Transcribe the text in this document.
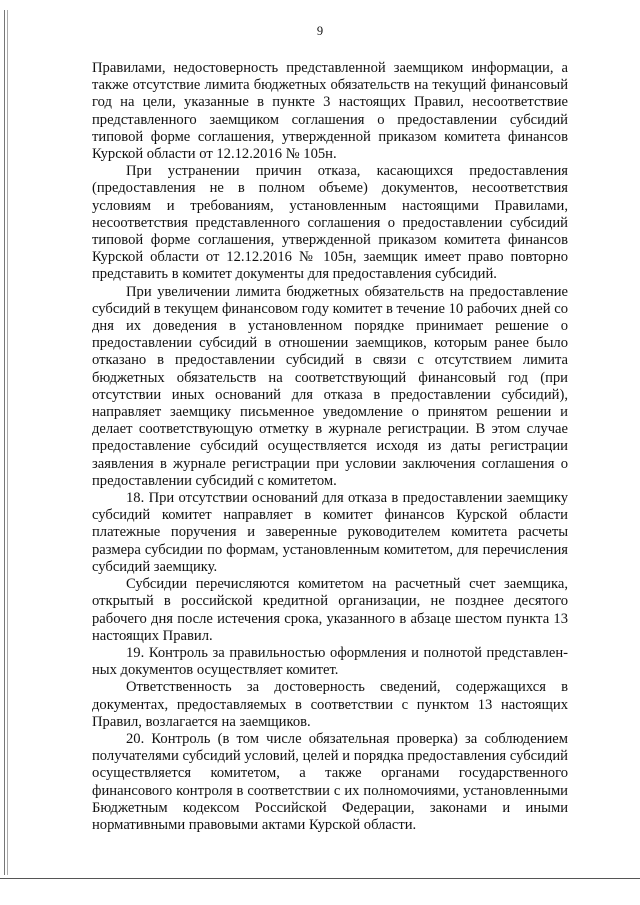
9

Правилами, недостоверность представленной заемщиком информации, а также отсутствие лимита бюджетных обязательств на текущий финансовый год на цели, указанные в пункте 3 настоящих Правил, несоответствие представленного заемщиком соглашения о предоставлении субсидий типовой форме соглашения, утвержденной приказом комитета финансов Курской области от 12.12.2016 № 105н.

При устранении причин отказа, касающихся предоставления (предоставления не в полном объеме) документов, несоответствия условиям и требованиям, установленным настоящими Правилами, несоответствия представленного соглашения о предоставлении субсидий типовой форме соглашения, утвержденной приказом комитета финансов Курской области от 12.12.2016 № 105н, заемщик имеет право повторно представить в комитет документы для предоставления субсидий.

При увеличении лимита бюджетных обязательств на предоставление субсидий в текущем финансовом году комитет в течение 10 рабочих дней со дня их доведения в установленном порядке принимает решение о предоставлении субсидий в отношении заемщиков, которым ранее было отказано в предоставлении субсидий в связи с отсутствием лимита бюджетных обязательств на соответствующий финансовый год (при отсутствии иных оснований для отказа в предоставлении субсидий), направляет заемщику письменное уведомление о принятом решении и делает соответствующую отметку в журнале регистрации. В этом случае предоставление субсидий осуществляется исходя из даты регистрации заявления в журнале регистрации при условии заключения соглашения о предоставлении субсидий с комитетом.

18. При отсутствии оснований для отказа в предоставлении заемщику субсидий комитет направляет в комитет финансов Курской области платежные поручения и заверенные руководителем комитета расчеты размера субсидии по формам, установленным комитетом, для перечисления субсидий заемщику.

Субсидии перечисляются комитетом на расчетный счет заемщика, открытый в российской кредитной организации, не позднее десятого рабочего дня после истечения срока, указанного в абзаце шестом пункта 13 настоящих Правил.

19. Контроль за правильностью оформления и полнотой представлен-ных документов осуществляет комитет.

Ответственность за достоверность сведений, содержащихся в документах, предоставляемых в соответствии с пунктом 13 настоящих Правил, возлагается на заемщиков.

20. Контроль (в том числе обязательная проверка) за соблюдением получателями субсидий условий, целей и порядка предоставления субсидий осуществляется комитетом, а также органами государственного финансового контроля в соответствии с их полномочиями, установленными Бюджетным кодексом Российской Федерации, законами и иными нормативными правовыми актами Курской области.
